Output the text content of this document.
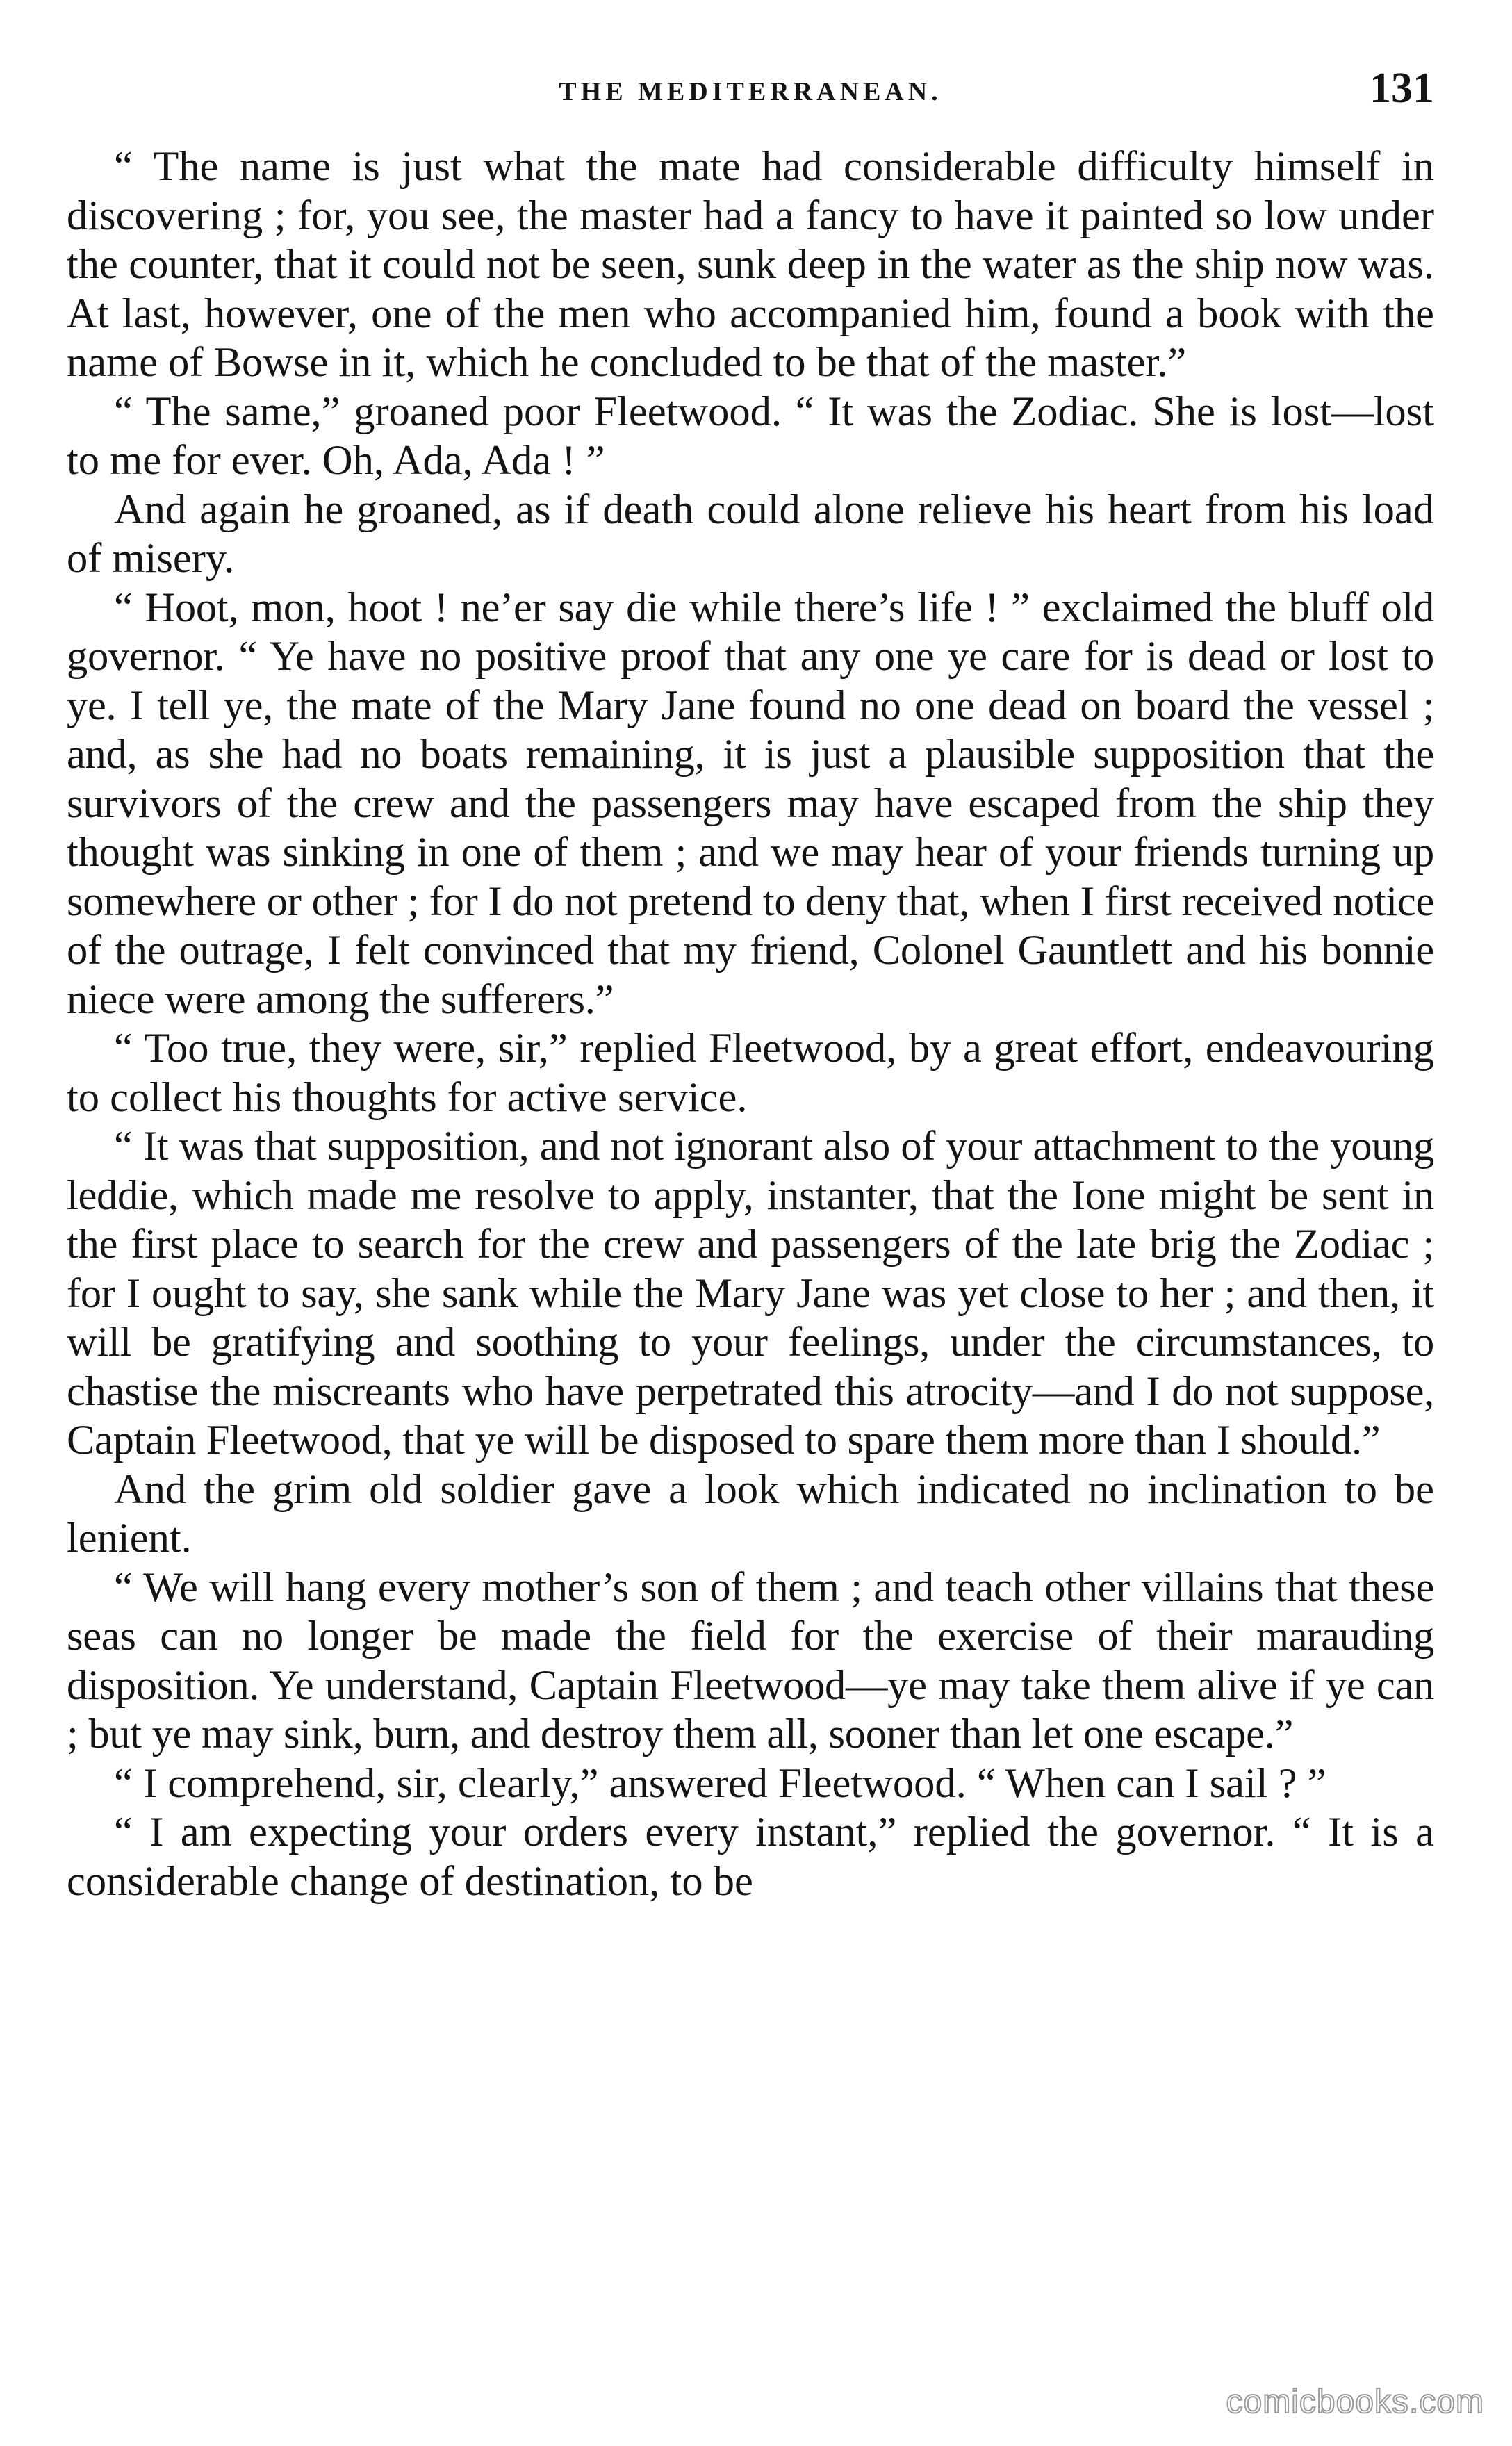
THE MEDITERRANEAN.	131

“ The name is just what the mate had considerable difficulty himself in discovering ; for, you see, the master had a fancy to have it painted so low under the counter, that it could not be seen, sunk deep in the water as the ship now was. At last, however, one of the men who accompanied him, found a book with the name of Bowse in it, which he concluded to be that of the master.”

“ The same,” groaned poor Fleetwood. “ It was the Zodiac. She is lost—lost to me for ever. Oh, Ada, Ada ! ”

And again he groaned, as if death could alone relieve his heart from his load of misery.

“ Hoot, mon, hoot ! ne’er say die while there’s life ! ” exclaimed the bluff old governor. “ Ye have no positive proof that any one ye care for is dead or lost to ye. I tell ye, the mate of the Mary Jane found no one dead on board the vessel ; and, as she had no boats remaining, it is just a plausible supposition that the survivors of the crew and the passengers may have escaped from the ship they thought was sinking in one of them ; and we may hear of your friends turning up somewhere or other ; for I do not pretend to deny that, when I first received notice of the outrage, I felt convinced that my friend, Colonel Gauntlett and his bonnie niece were among the sufferers.”

“ Too true, they were, sir,” replied Fleetwood, by a great effort, endeavouring to collect his thoughts for active service.

“ It was that supposition, and not ignorant also of your attachment to the young leddie, which made me resolve to apply, instanter, that the Ione might be sent in the first place to search for the crew and passengers of the late brig the Zodiac ; for I ought to say, she sank while the Mary Jane was yet close to her ; and then, it will be gratifying and soothing to your feelings, under the circumstances, to chastise the miscreants who have perpetrated this atrocity—and I do not suppose, Captain Fleetwood, that ye will be disposed to spare them more than I should.”

And the grim old soldier gave a look which indicated no inclination to be lenient.

“ We will hang every mother’s son of them ; and teach other villains that these seas can no longer be made the field for the exercise of their marauding disposition. Ye understand, Captain Fleetwood—ye may take them alive if ye can ; but ye may sink, burn, and destroy them all, sooner than let one escape.”

“ I comprehend, sir, clearly,” answered Fleetwood. “ When can I sail ? ”

“ I am expecting your orders every instant,” replied the governor. “ It is a considerable change of destination, to be

comicbooks.com
